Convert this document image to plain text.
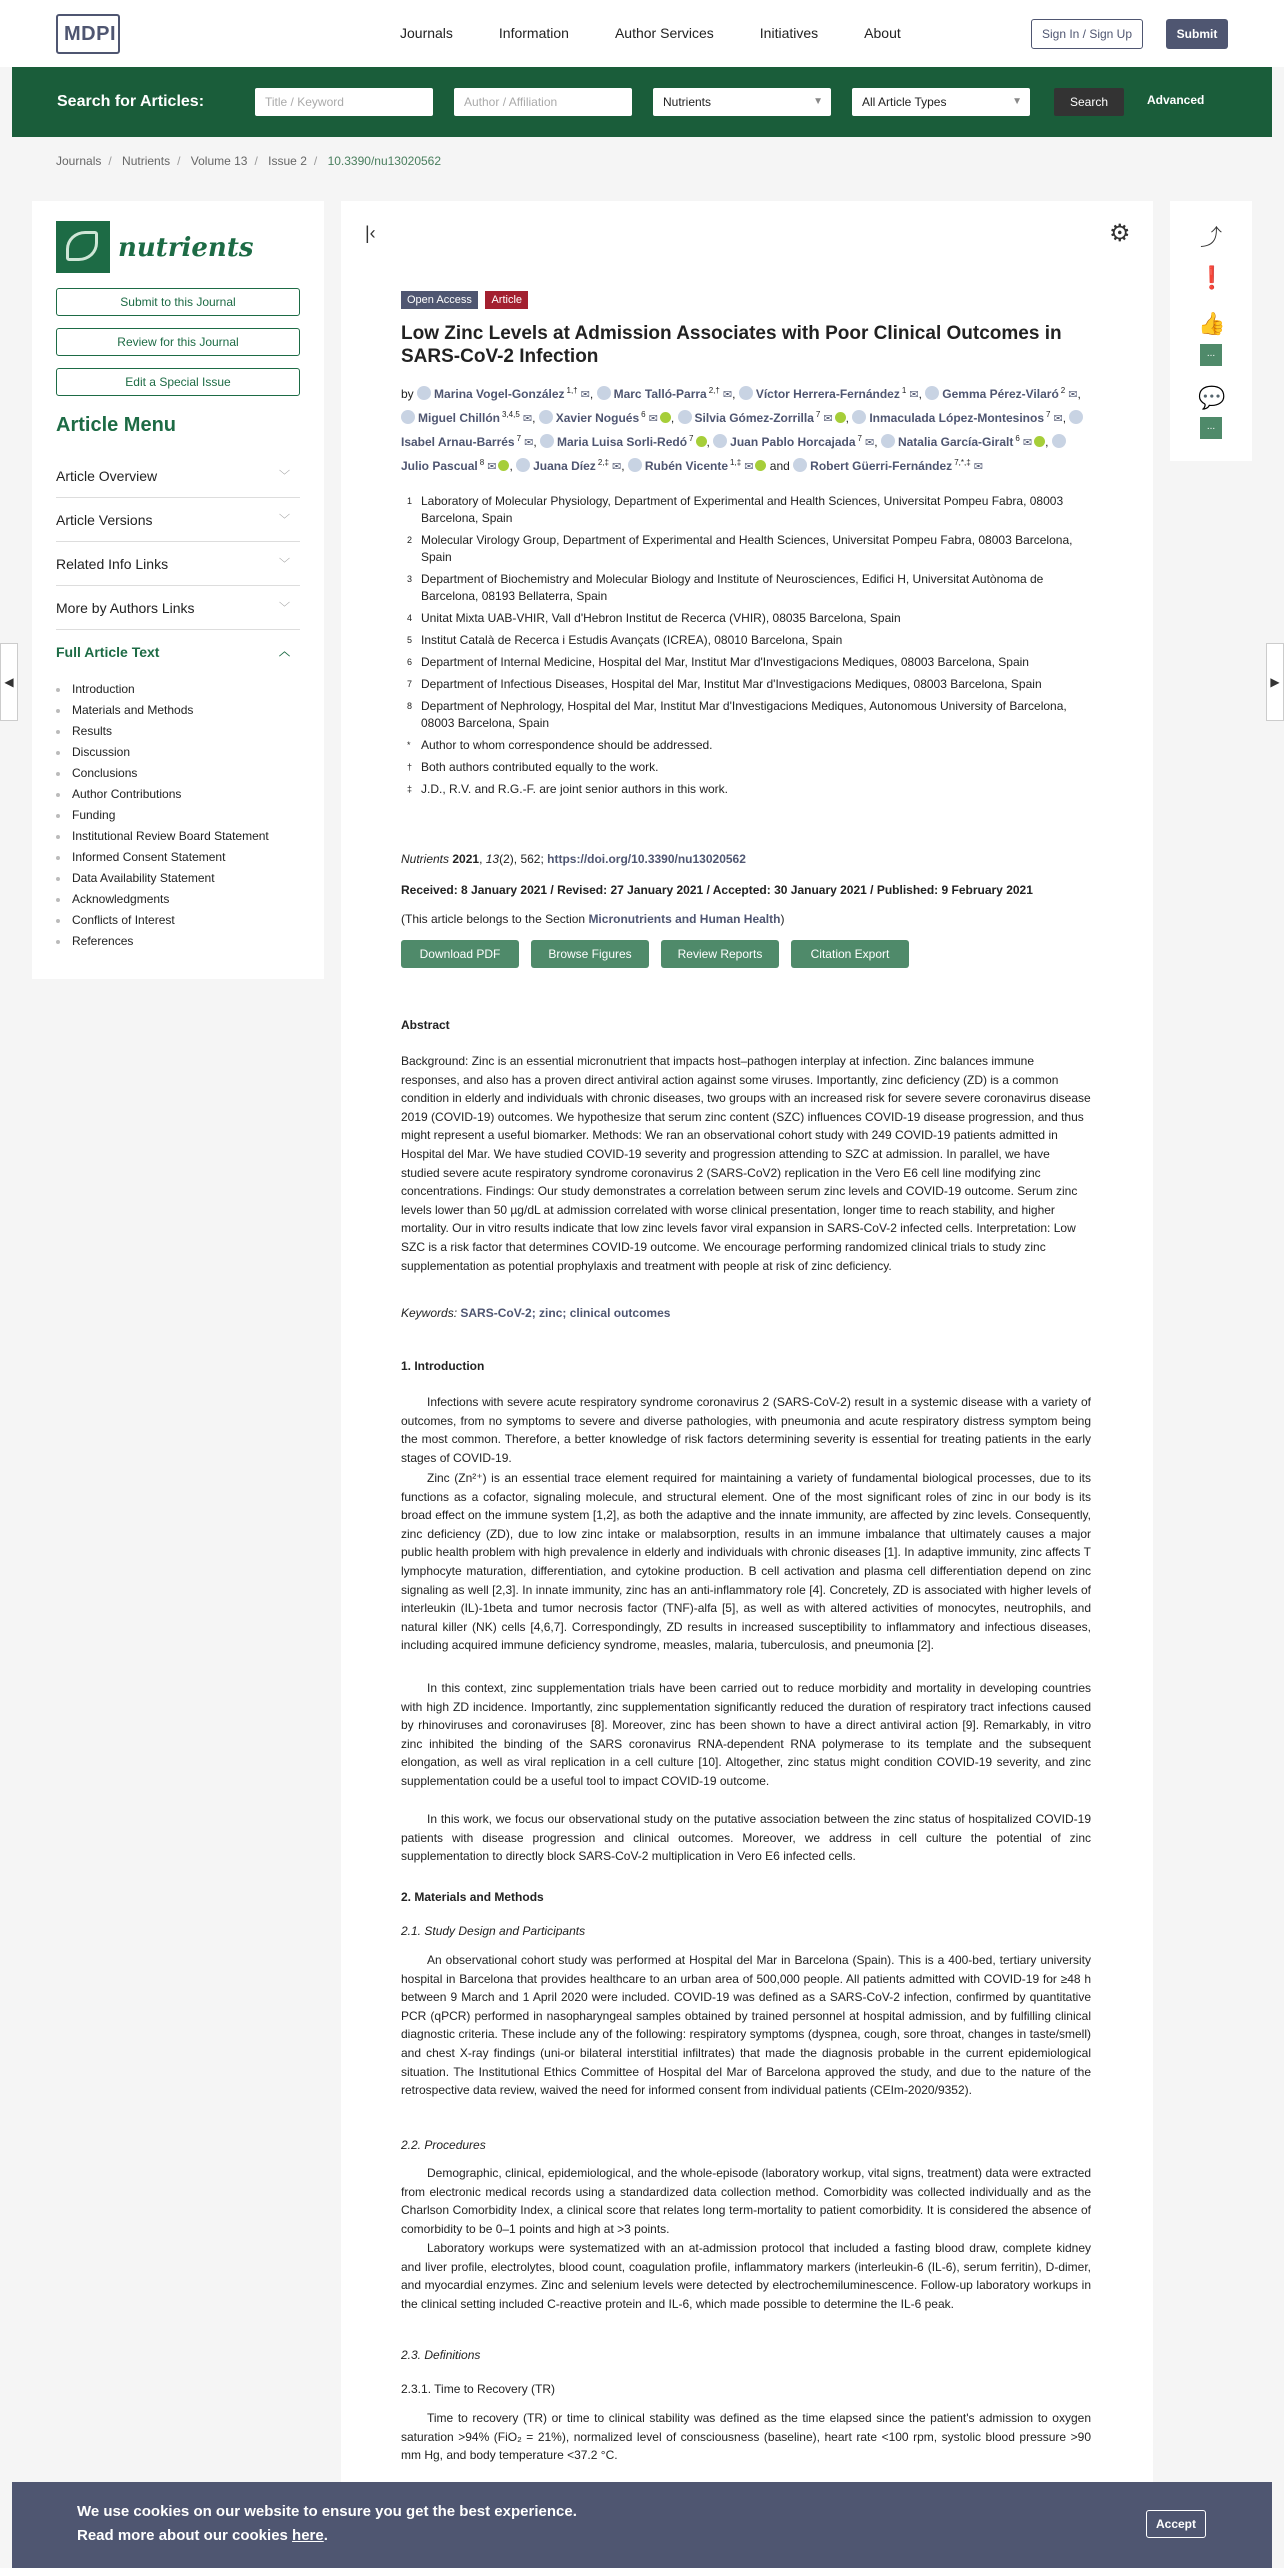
MDPI	Journals	Information	Author Services	Initiatives	About	Sign In / Sign Up	Submit
Search for Articles:	Title / Keyword	Author / Affiliation	Nutrients	▼	All Article Types	▼	Search	Advanced
Journals / Nutrients / Volume 13 / Issue 2 / 10.3390/nu13020562
nutrients
Submit to this Journal
Review for this Journal
Edit a Special Issue
Article Menu
Article Overview	﹀
Article Versions	﹀
Related Info Links	﹀
More by Authors Links	﹀
Full Article Text	︿
Introduction
Materials and Methods
Results
Discussion
Conclusions
Author Contributions
Funding
Institutional Review Board Statement
Informed Consent Statement
Data Availability Statement
Acknowledgments
Conflicts of Interest
References
|‹	⚙
Open Access Article
Low Zinc Levels at Admission Associates with Poor Clinical Outcomes in SARS-CoV-2 Infection
by Marina Vogel-González $^{1,\dagger}$ ✉, Marc Talló-Parra $^{2,\dagger}$ ✉, Víctor Herrera-Fernández $^1$ ✉, Gemma Pérez-Vilaró $^2$ ✉, Miguel Chillón $^{3,4,5}$ ✉, Xavier Nogués $^6$ ✉ , Silvia Gómez-Zorrilla $^7$ ✉ , Inmaculada López-Montesinos $^7$ ✉, Isabel Arnau-Barrés $^7$ ✉, Maria Luisa Sorli-Redó $^7$ , Juan Pablo Horcajada $^7$ ✉, Natalia García-Giralt $^6$ ✉ , Julio Pascual $^8$ ✉ , Juana Díez $^{2,\ddagger}$ ✉, Rubén Vicente $^{1,\ddagger}$ ✉ and Robert Güerri-Fernández $^{7,*,\ddagger}$ ✉
1 Laboratory of Molecular Physiology, Department of Experimental and Health Sciences, Universitat Pompeu Fabra, 08003 Barcelona, Spain
2 Molecular Virology Group, Department of Experimental and Health Sciences, Universitat Pompeu Fabra, 08003 Barcelona, Spain
3 Department of Biochemistry and Molecular Biology and Institute of Neurosciences, Edifici H, Universitat Autònoma de Barcelona, 08193 Bellaterra, Spain
4 Unitat Mixta UAB-VHIR, Vall d'Hebron Institut de Recerca (VHIR), 08035 Barcelona, Spain
5 Institut Català de Recerca i Estudis Avançats (ICREA), 08010 Barcelona, Spain
6 Department of Internal Medicine, Hospital del Mar, Institut Mar d'Investigacions Mediques, 08003 Barcelona, Spain
7 Department of Infectious Diseases, Hospital del Mar, Institut Mar d'Investigacions Mediques, 08003 Barcelona, Spain
8 Department of Nephrology, Hospital del Mar, Institut Mar d'Investigacions Mediques, Autonomous University of Barcelona, 08003 Barcelona, Spain
* Author to whom correspondence should be addressed.
† Both authors contributed equally to the work.
‡ J.D., R.V. and R.G.-F. are joint senior authors in this work.
Nutrients 2021, 13(2), 562; https://doi.org/10.3390/nu13020562
Received: 8 January 2021 / Revised: 27 January 2021 / Accepted: 30 January 2021 / Published: 9 February 2021
(This article belongs to the Section Micronutrients and Human Health)
Download PDF	Browse Figures	Review Reports	Citation Export
Abstract

Background: Zinc is an essential micronutrient that impacts host–pathogen interplay at infection. Zinc balances immune responses, and also has a proven direct antiviral action against some viruses. Importantly, zinc deficiency (ZD) is a common condition in elderly and individuals with chronic diseases, two groups with an increased risk for severe severe coronavirus disease 2019 (COVID-19) outcomes. We hypothesize that serum zinc content (SZC) influences COVID-19 disease progression, and thus might represent a useful biomarker. Methods: We ran an observational cohort study with 249 COVID-19 patients admitted in Hospital del Mar. We have studied COVID-19 severity and progression attending to SZC at admission. In parallel, we have studied severe acute respiratory syndrome coronavirus 2 (SARS-CoV2) replication in the Vero E6 cell line modifying zinc concentrations. Findings: Our study demonstrates a correlation between serum zinc levels and COVID-19 outcome. Serum zinc levels lower than 50 µg/dL at admission correlated with worse clinical presentation, longer time to reach stability, and higher mortality. Our in vitro results indicate that low zinc levels favor viral expansion in SARS-CoV-2 infected cells. Interpretation: Low SZC is a risk factor that determines COVID-19 outcome. We encourage performing randomized clinical trials to study zinc supplementation as potential prophylaxis and treatment with people at risk of zinc deficiency.

Keywords: SARS-CoV-2; zinc; clinical outcomes
1. Introduction

Infections with severe acute respiratory syndrome coronavirus 2 (SARS-CoV-2) result in a systemic disease with a variety of outcomes, from no symptoms to severe and diverse pathologies, with pneumonia and acute respiratory distress symptom being the most common. Therefore, a better knowledge of risk factors determining severity is essential for treating patients in the early stages of COVID-19.

Zinc (Zn²⁺) is an essential trace element required for maintaining a variety of fundamental biological processes, due to its functions as a cofactor, signaling molecule, and structural element. One of the most significant roles of zinc in our body is its broad effect on the immune system [1,2], as both the adaptive and the innate immunity, are affected by zinc levels. Consequently, zinc deficiency (ZD), due to low zinc intake or malabsorption, results in an immune imbalance that ultimately causes a major public health problem with high prevalence in elderly and individuals with chronic diseases [1]. In adaptive immunity, zinc affects T lymphocyte maturation, differentiation, and cytokine production. B cell activation and plasma cell differentiation depend on zinc signaling as well [2,3]. In innate immunity, zinc has an anti-inflammatory role [4]. Concretely, ZD is associated with higher levels of interleukin (IL)-1beta and tumor necrosis factor (TNF)-alfa [5], as well as with altered activities of monocytes, neutrophils, and natural killer (NK) cells [4,6,7]. Correspondingly, ZD results in increased susceptibility to inflammatory and infectious diseases, including acquired immune deficiency syndrome, measles, malaria, tuberculosis, and pneumonia [2].

In this context, zinc supplementation trials have been carried out to reduce morbidity and mortality in developing countries with high ZD incidence. Importantly, zinc supplementation significantly reduced the duration of respiratory tract infections caused by rhinoviruses and coronaviruses [8]. Moreover, zinc has been shown to have a direct antiviral action [9]. Remarkably, in vitro zinc inhibited the binding of the SARS coronavirus RNA-dependent RNA polymerase to its template and the subsequent elongation, as well as viral replication in a cell culture [10]. Altogether, zinc status might condition COVID-19 severity, and zinc supplementation could be a useful tool to impact COVID-19 outcome.

In this work, we focus our observational study on the putative association between the zinc status of hospitalized COVID-19 patients with disease progression and clinical outcomes. Moreover, we address in cell culture the potential of zinc supplementation to directly block SARS-CoV-2 multiplication in Vero E6 infected cells.

2. Materials and Methods
2.1. Study Design and Participants

An observational cohort study was performed at Hospital del Mar in Barcelona (Spain). This is a 400-bed, tertiary university hospital in Barcelona that provides healthcare to an urban area of 500,000 people. All patients admitted with COVID-19 for ≥48 h between 9 March and 1 April 2020 were included. COVID-19 was defined as a SARS-CoV-2 infection, confirmed by quantitative PCR (qPCR) performed in nasopharyngeal samples obtained by trained personnel at hospital admission, and by fulfilling clinical diagnostic criteria. These include any of the following: respiratory symptoms (dyspnea, cough, sore throat, changes in taste/smell) and chest X-ray findings (uni-or bilateral interstitial infiltrates) that made the diagnosis probable in the current epidemiological situation. The Institutional Ethics Committee of Hospital del Mar of Barcelona approved the study, and due to the nature of the retrospective data review, waived the need for informed consent from individual patients (CEIm-2020/9352).

2.2. Procedures

Demographic, clinical, epidemiological, and the whole-episode (laboratory workup, vital signs, treatment) data were extracted from electronic medical records using a standardized data collection method. Comorbidity was collected individually and as the Charlson Comorbidity Index, a clinical score that relates long term-mortality to patient comorbidity. It is considered the absence of comorbidity to be 0–1 points and high at >3 points.

Laboratory workups were systematized with an at-admission protocol that included a fasting blood draw, complete kidney and liver profile, electrolytes, blood count, coagulation profile, inflammatory markers (interleukin-6 (IL-6), serum ferritin), D-dimer, and myocardial enzymes. Zinc and selenium levels were detected by electrochemiluminescence. Follow-up laboratory workups in the clinical setting included C-reactive protein and IL-6, which made possible to determine the IL-6 peak.

2.3. Definitions
2.3.1. Time to Recovery (TR)

Time to recovery (TR) or time to clinical stability was defined as the time elapsed since the patient's admission to oxygen saturation >94% (FiO₂ = 21%), normalized level of consciousness (baseline), heart rate <100 rpm, systolic blood pressure >90 mm Hg, and body temperature <37.2 °C.

⤴
❗
👍
...
💬
...
◀	▶
We use cookies on our website to ensure you get the best experience.
Read more about our cookies here.
Accept
